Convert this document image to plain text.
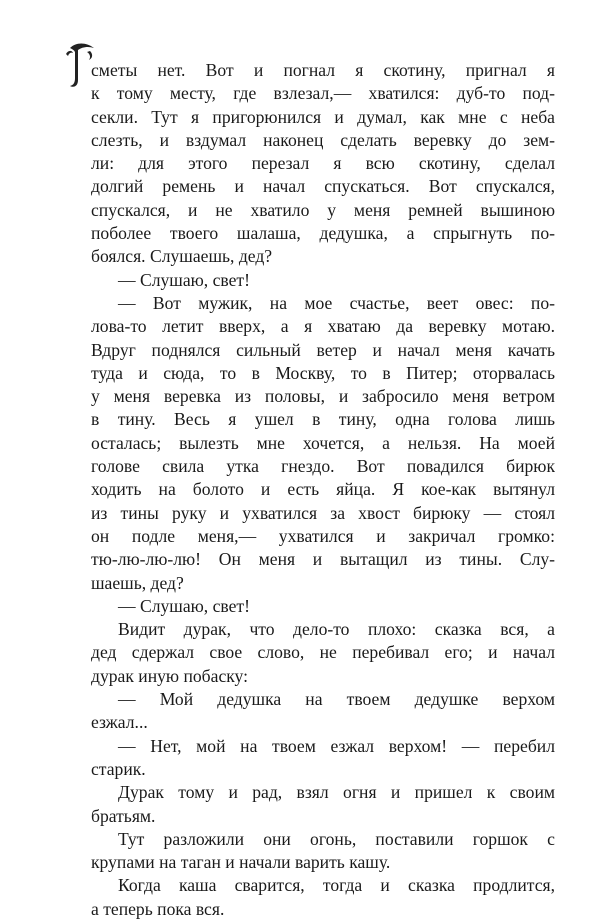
сметы нет. Вот и погнал я скотину, пригнал я
к тому месту, где взлезал,— хватился: дуб-то под-
секли. Тут я пригорюнился и думал, как мне с неба
слезть, и вздумал наконец сделать веревку до зем-
ли: для этого перезал я всю скотину, сделал
долгий ремень и начал спускаться. Вот спускался,
спускался, и не хватило у меня ремней вышиною
поболее твоего шалаша, дедушка, а спрыгнуть по-
боялся. Слушаешь, дед?
— Слушаю, свет!
— Вот мужик, на мое счастье, веет овес: по-
лова-то летит вверх, а я хватаю да веревку мотаю.
Вдруг поднялся сильный ветер и начал меня качать
туда и сюда, то в Москву, то в Питер; оторвалась
у меня веревка из половы, и забросило меня ветром
в тину. Весь я ушел в тину, одна голова лишь
осталась; вылезть мне хочется, а нельзя. На моей
голове свила утка гнездо. Вот повадился бирюк
ходить на болото и есть яйца. Я кое-как вытянул
из тины руку и ухватился за хвост бирюку — стоял
он подле меня,— ухватился и закричал громко:
тю-лю-лю-лю! Он меня и вытащил из тины. Слу-
шаешь, дед?
— Слушаю, свет!
Видит дурак, что дело-то плохо: сказка вся, а
дед сдержал свое слово, не перебивал его; и начал
дурак иную побаску:
— Мой дедушка на твоем дедушке верхом
езжал...
— Нет, мой на твоем езжал верхом! — перебил
старик.
Дурак тому и рад, взял огня и пришел к своим
братьям.
Тут разложили они огонь, поставили горшок с
крупами на таган и начали варить кашу.
Когда каша сварится, тогда и сказка продлится,
а теперь пока вся.
